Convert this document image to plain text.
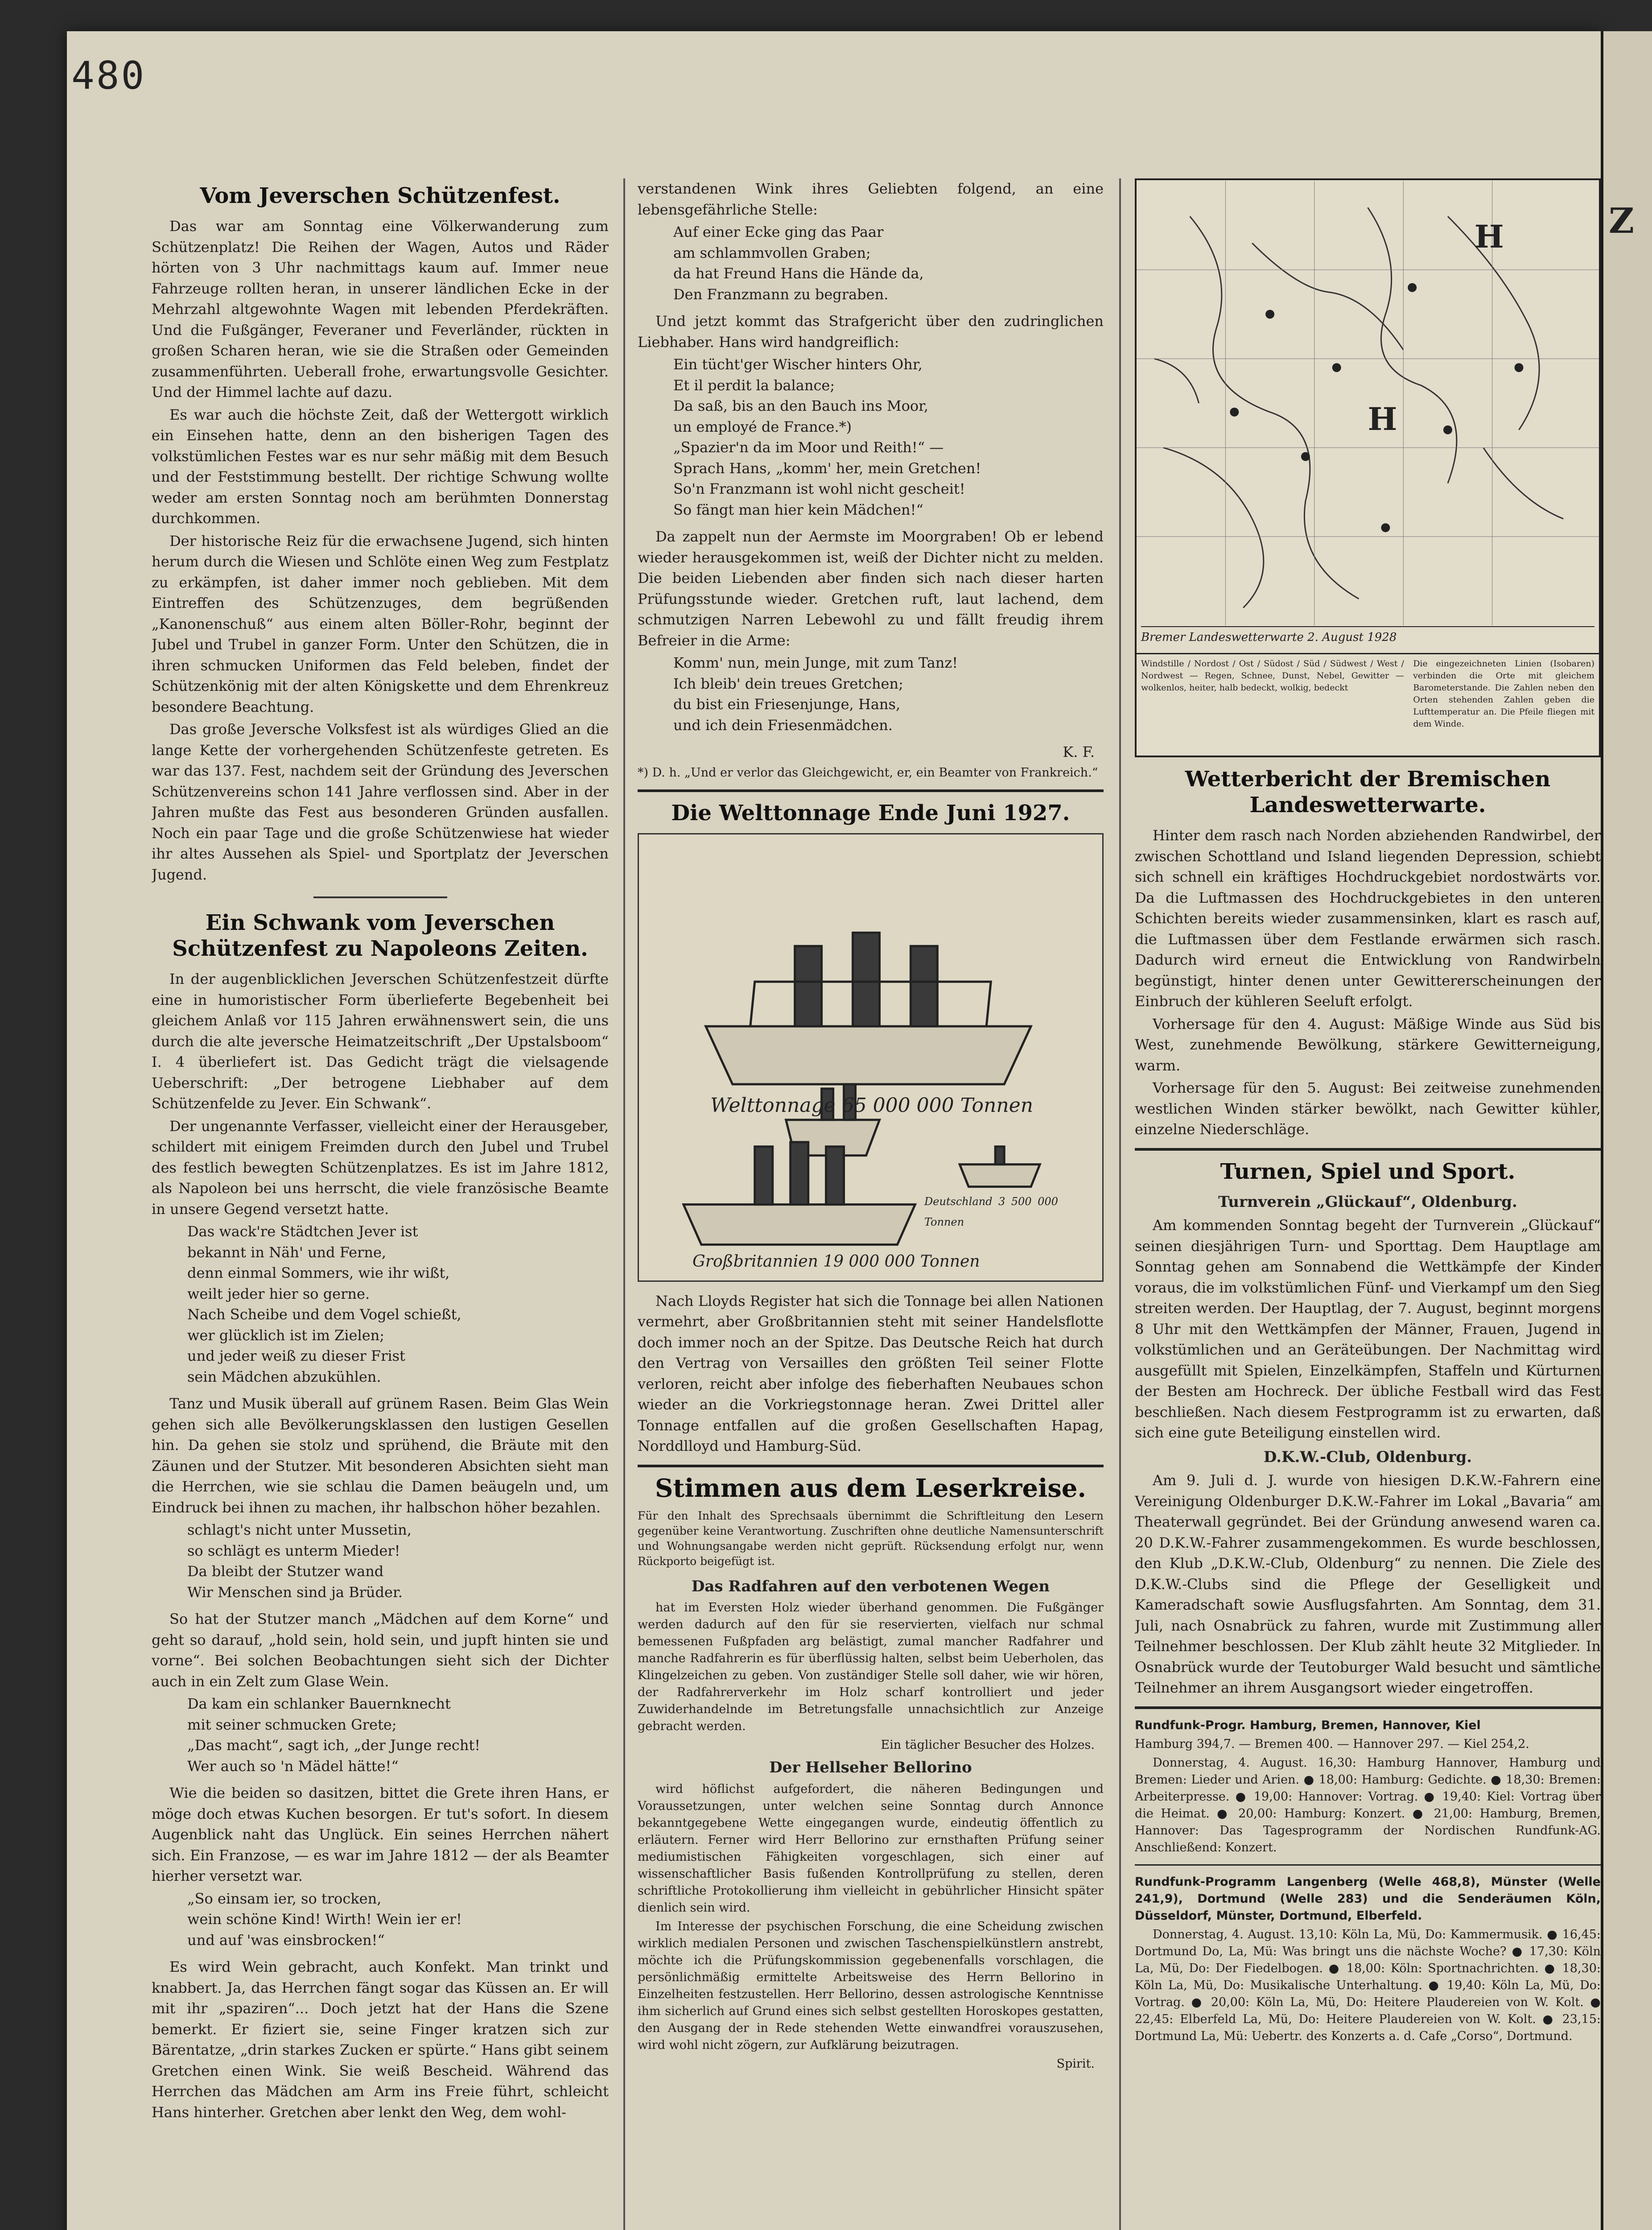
Z
480
Vom Jeverschen Schützenfest.

Das war am Sonntag eine Völkerwanderung zum Schützenplatz! Die Reihen der Wagen, Autos und Räder hörten von 3 Uhr nachmittags kaum auf. Immer neue Fahrzeuge rollten heran, in unserer ländlichen Ecke in der Mehrzahl altgewohnte Wagen mit lebenden Pferdekräften. Und die Fußgänger, Feveraner und Feverländer, rückten in großen Scharen heran, wie sie die Straßen oder Gemeinden zusammenführten. Ueberall frohe, erwartungsvolle Gesichter. Und der Himmel lachte auf dazu.

Es war auch die höchste Zeit, daß der Wettergott wirklich ein Einsehen hatte, denn an den bisherigen Tagen des volkstümlichen Festes war es nur sehr mäßig mit dem Besuch und der Feststimmung bestellt. Der richtige Schwung wollte weder am ersten Sonntag noch am berühmten Donnerstag durchkommen.

Der historische Reiz für die erwachsene Jugend, sich hinten herum durch die Wiesen und Schlöte einen Weg zum Festplatz zu erkämpfen, ist daher immer noch geblieben. Mit dem Eintreffen des Schützenzuges, dem begrüßenden „Kanonenschuß“ aus einem alten Böller-Rohr, beginnt der Jubel und Trubel in ganzer Form. Unter den Schützen, die in ihren schmucken Uniformen das Feld beleben, findet der Schützenkönig mit der alten Königskette und dem Ehrenkreuz besondere Beachtung.

Das große Jeversche Volksfest ist als würdiges Glied an die lange Kette der vorhergehenden Schützenfeste getreten. Es war das 137. Fest, nachdem seit der Gründung des Jeverschen Schützenvereins schon 141 Jahre verflossen sind. Aber in der Jahren mußte das Fest aus besonderen Gründen ausfallen. Noch ein paar Tage und die große Schützenwiese hat wieder ihr altes Aussehen als Spiel- und Sportplatz der Jeverschen Jugend.

Ein Schwank vom Jeverschen Schützenfest zu Napoleons Zeiten.

In der augenblicklichen Jeverschen Schützenfestzeit dürfte eine in humoristischer Form überlieferte Begebenheit bei gleichem Anlaß vor 115 Jahren erwähnenswert sein, die uns durch die alte jeversche Heimatzeitschrift „Der Upstalsboom“ I. 4 überliefert ist. Das Gedicht trägt die vielsagende Ueberschrift: „Der betrogene Liebhaber auf dem Schützenfelde zu Jever. Ein Schwank“.

Der ungenannte Verfasser, vielleicht einer der Herausgeber, schildert mit einigem Freimden durch den Jubel und Trubel des festlich bewegten Schützenplatzes. Es ist im Jahre 1812, als Napoleon bei uns herrscht, die viele französische Beamte in unsere Gegend versetzt hatte.

Das wack're Städtchen Jever ist
bekannt in Näh' und Ferne,
denn einmal Sommers, wie ihr wißt,
weilt jeder hier so gerne.
Nach Scheibe und dem Vogel schießt,
wer glücklich ist im Zielen;
und jeder weiß zu dieser Frist
sein Mädchen abzukühlen.

Tanz und Musik überall auf grünem Rasen. Beim Glas Wein gehen sich alle Bevölkerungsklassen den lustigen Gesellen hin. Da gehen sie stolz und sprühend, die Bräute mit den Zäunen und der Stutzer. Mit besonderen Absichten sieht man die Herrchen, wie sie schlau die Damen beäugeln und, um Eindruck bei ihnen zu machen, ihr halbschon höher bezahlen.

schlagt's nicht unter Mussetin,
so schlägt es unterm Mieder!
Da bleibt der Stutzer wand
Wir Menschen sind ja Brüder.

So hat der Stutzer manch „Mädchen auf dem Korne“ und geht so darauf, „hold sein, hold sein, und jupft hinten sie und vorne“. Bei solchen Beobachtungen sieht sich der Dichter auch in ein Zelt zum Glase Wein.

Da kam ein schlanker Bauernknecht
mit seiner schmucken Grete;
„Das macht“, sagt ich, „der Junge recht!
Wer auch so 'n Mädel hätte!“

Wie die beiden so dasitzen, bittet die Grete ihren Hans, er möge doch etwas Kuchen besorgen. Er tut's sofort. In diesem Augenblick naht das Unglück. Ein seines Herrchen nähert sich. Ein Franzose, — es war im Jahre 1812 — der als Beamter hierher versetzt war.

„So einsam ier, so trocken,
wein schöne Kind! Wirth! Wein ier er!
und auf 'was einsbrocken!“

Es wird Wein gebracht, auch Konfekt. Man trinkt und knabbert. Ja, das Herrchen fängt sogar das Küssen an. Er will mit ihr „spaziren“... Doch jetzt hat der Hans die Szene bemerkt. Er fiziert sie, seine Finger kratzen sich zur Bärentatze, „drin starkes Zucken er spürte.“ Hans gibt seinem Gretchen einen Wink. Sie weiß Bescheid. Während das Herrchen das Mädchen am Arm ins Freie führt, schleicht Hans hinterher. Gretchen aber lenkt den Weg, dem wohl-

verstandenen Wink ihres Geliebten folgend, an eine lebensgefährliche Stelle:

Auf einer Ecke ging das Paar
am schlammvollen Graben;
da hat Freund Hans die Hände da,
Den Franzmann zu begraben.

Und jetzt kommt das Strafgericht über den zudringlichen Liebhaber. Hans wird handgreiflich:

Ein tücht'ger Wischer hinters Ohr,
Et il perdit la balance;
Da saß, bis an den Bauch ins Moor,
un employé de France.*)
„Spazier'n da im Moor und Reith!“ —
Sprach Hans, „komm' her, mein Gretchen!
So'n Franzmann ist wohl nicht gescheit!
So fängt man hier kein Mädchen!“

Da zappelt nun der Aermste im Moorgraben! Ob er lebend wieder herausgekommen ist, weiß der Dichter nicht zu melden. Die beiden Liebenden aber finden sich nach dieser harten Prüfungsstunde wieder. Gretchen ruft, laut lachend, dem schmutzigen Narren Lebewohl zu und fällt freudig ihrem Befreier in die Arme:

Komm' nun, mein Junge, mit zum Tanz!
Ich bleib' dein treues Gretchen;
du bist ein Friesenjunge, Hans,
und ich dein Friesenmädchen.

K. F.

*) D. h. „Und er verlor das Gleichgewicht, er, ein Beamter von Frankreich.“

Die Welttonnage Ende Juni 1927.
Welttonnage 65 000 000 Tonnen
Deutschland 3 500 000 Tonnen
Großbritannien 19 000 000 Tonnen

Nach Lloyds Register hat sich die Tonnage bei allen Nationen vermehrt, aber Großbritannien steht mit seiner Handelsflotte doch immer noch an der Spitze. Das Deutsche Reich hat durch den Vertrag von Versailles den größten Teil seiner Flotte verloren, reicht aber infolge des fieberhaften Neubaues schon wieder an die Vorkriegstonnage heran. Zwei Drittel aller Tonnage entfallen auf die großen Gesellschaften Hapag, Norddlloyd und Hamburg-Süd.

Stimmen aus dem Leserkreise.

Für den Inhalt des Sprechsaals übernimmt die Schriftleitung den Lesern gegenüber keine Verantwortung. Zuschriften ohne deutliche Namensunterschrift und Wohnungsangabe werden nicht geprüft. Rücksendung erfolgt nur, wenn Rückporto beigefügt ist.

Das Radfahren auf den verbotenen Wegen

hat im Eversten Holz wieder überhand genommen. Die Fußgänger werden dadurch auf den für sie reservierten, vielfach nur schmal bemessenen Fußpfaden arg belästigt, zumal mancher Radfahrer und manche Radfahrerin es für überflüssig halten, selbst beim Ueberholen, das Klingelzeichen zu geben. Von zuständiger Stelle soll daher, wie wir hören, der Radfahrerverkehr im Holz scharf kontrolliert und jeder Zuwiderhandelnde im Betretungsfalle unnachsichtlich zur Anzeige gebracht werden.

Ein täglicher Besucher des Holzes.

Der Hellseher Bellorino

wird höflichst aufgefordert, die näheren Bedingungen und Voraussetzungen, unter welchen seine Sonntag durch Annonce bekanntgegebene Wette eingegangen wurde, eindeutig öffentlich zu erläutern. Ferner wird Herr Bellorino zur ernsthaften Prüfung seiner mediumistischen Fähigkeiten vorgeschlagen, sich einer auf wissenschaftlicher Basis fußenden Kontrollprüfung zu stellen, deren schriftliche Protokollierung ihm vielleicht in gebührlicher Hinsicht später dienlich sein wird.

Im Interesse der psychischen Forschung, die eine Scheidung zwischen wirklich medialen Personen und zwischen Taschenspielkünstlern anstrebt, möchte ich die Prüfungskommission gegebenenfalls vorschlagen, die persönlichmäßig ermittelte Arbeitsweise des Herrn Bellorino in Einzelheiten festzustellen. Herr Bellorino, dessen astrologische Kenntnisse ihm sicherlich auf Grund eines sich selbst gestellten Horoskopes gestatten, den Ausgang der in Rede stehenden Wette einwandfrei vorauszusehen, wird wohl nicht zögern, zur Aufklärung beizutragen.

Spirit.

H
H
Bremer Landeswetterwarte 2. August 1928
Windstille / Nordost / Ost / Südost / Süd / Südwest / West / Nordwest — Regen, Schnee, Dunst, Nebel, Gewitter — wolkenlos, heiter, halb bedeckt, wolkig, bedeckt
Die eingezeichneten Linien (Isobaren) verbinden die Orte mit gleichem Barometerstande. Die Zahlen neben den Orten stehenden Zahlen geben die Lufttemperatur an. Die Pfeile fliegen mit dem Winde.
Wetterbericht der Bremischen Landeswetterwarte.

Hinter dem rasch nach Norden abziehenden Randwirbel, der zwischen Schottland und Island liegenden Depression, schiebt sich schnell ein kräftiges Hochdruckgebiet nordostwärts vor. Da die Luftmassen des Hochdruckgebietes in den unteren Schichten bereits wieder zusammensinken, klart es rasch auf, die Luftmassen über dem Festlande erwärmen sich rasch. Dadurch wird erneut die Entwicklung von Randwirbeln begünstigt, hinter denen unter Gewittererscheinungen der Einbruch der kühleren Seeluft erfolgt.

Vorhersage für den 4. August: Mäßige Winde aus Süd bis West, zunehmende Bewölkung, stärkere Gewitterneigung, warm.

Vorhersage für den 5. August: Bei zeitweise zunehmenden westlichen Winden stärker bewölkt, nach Gewitter kühler, einzelne Niederschläge.

Turnen, Spiel und Sport.
Turnverein „Glückauf“, Oldenburg.

Am kommenden Sonntag begeht der Turnverein „Glückauf“ seinen diesjährigen Turn- und Sporttag. Dem Hauptlage am Sonntag gehen am Sonnabend die Wettkämpfe der Kinder voraus, die im volkstümlichen Fünf- und Vierkampf um den Sieg streiten werden. Der Hauptlag, der 7. August, beginnt morgens 8 Uhr mit den Wettkämpfen der Männer, Frauen, Jugend in volkstümlichen und an Geräteübungen. Der Nachmittag wird ausgefüllt mit Spielen, Einzelkämpfen, Staffeln und Kürturnen der Besten am Hochreck. Der übliche Festball wird das Fest beschließen. Nach diesem Festprogramm ist zu erwarten, daß sich eine gute Beteiligung einstellen wird.

D.K.W.-Club, Oldenburg.

Am 9. Juli d. J. wurde von hiesigen D.K.W.-Fahrern eine Vereinigung Oldenburger D.K.W.-Fahrer im Lokal „Bavaria“ am Theaterwall gegründet. Bei der Gründung anwesend waren ca. 20 D.K.W.-Fahrer zusammengekommen. Es wurde beschlossen, den Klub „D.K.W.-Club, Oldenburg“ zu nennen. Die Ziele des D.K.W.-Clubs sind die Pflege der Geselligkeit und Kameradschaft sowie Ausflugsfahrten. Am Sonntag, dem 31. Juli, nach Osnabrück zu fahren, wurde mit Zustimmung aller Teilnehmer beschlossen. Der Klub zählt heute 32 Mitglieder. In Osnabrück wurde der Teutoburger Wald besucht und sämtliche Teilnehmer an ihrem Ausgangsort wieder eingetroffen.

Rundfunk-Progr. Hamburg, Bremen, Hannover, Kiel

Hamburg 394,7. — Bremen 400. — Hannover 297. — Kiel 254,2.

Donnerstag, 4. August. 16,30: Hamburg Hannover, Hamburg und Bremen: Lieder und Arien. ● 18,00: Hamburg: Gedichte. ● 18,30: Bremen: Arbeiterpresse. ● 19,00: Hannover: Vortrag. ● 19,40: Kiel: Vortrag über die Heimat. ● 20,00: Hamburg: Konzert. ● 21,00: Hamburg, Bremen, Hannover: Das Tagesprogramm der Nordischen Rundfunk-AG. Anschließend: Konzert.

Rundfunk-Programm Langenberg (Welle 468,8), Münster (Welle 241,9), Dortmund (Welle 283) und die Senderäumen Köln, Düsseldorf, Münster, Dortmund, Elberfeld.

Donnerstag, 4. August. 13,10: Köln La, Mü, Do: Kammermusik. ● 16,45: Dortmund Do, La, Mü: Was bringt uns die nächste Woche? ● 17,30: Köln La, Mü, Do: Der Fiedelbogen. ● 18,00: Köln: Sportnachrichten. ● 18,30: Köln La, Mü, Do: Musikalische Unterhaltung. ● 19,40: Köln La, Mü, Do: Vortrag. ● 20,00: Köln La, Mü, Do: Heitere Plaudereien von W. Kolt. ● 22,45: Elberfeld La, Mü, Do: Heitere Plaudereien von W. Kolt. ● 23,15: Dortmund La, Mü: Uebertr. des Konzerts a. d. Cafe „Corso“, Dortmund.
